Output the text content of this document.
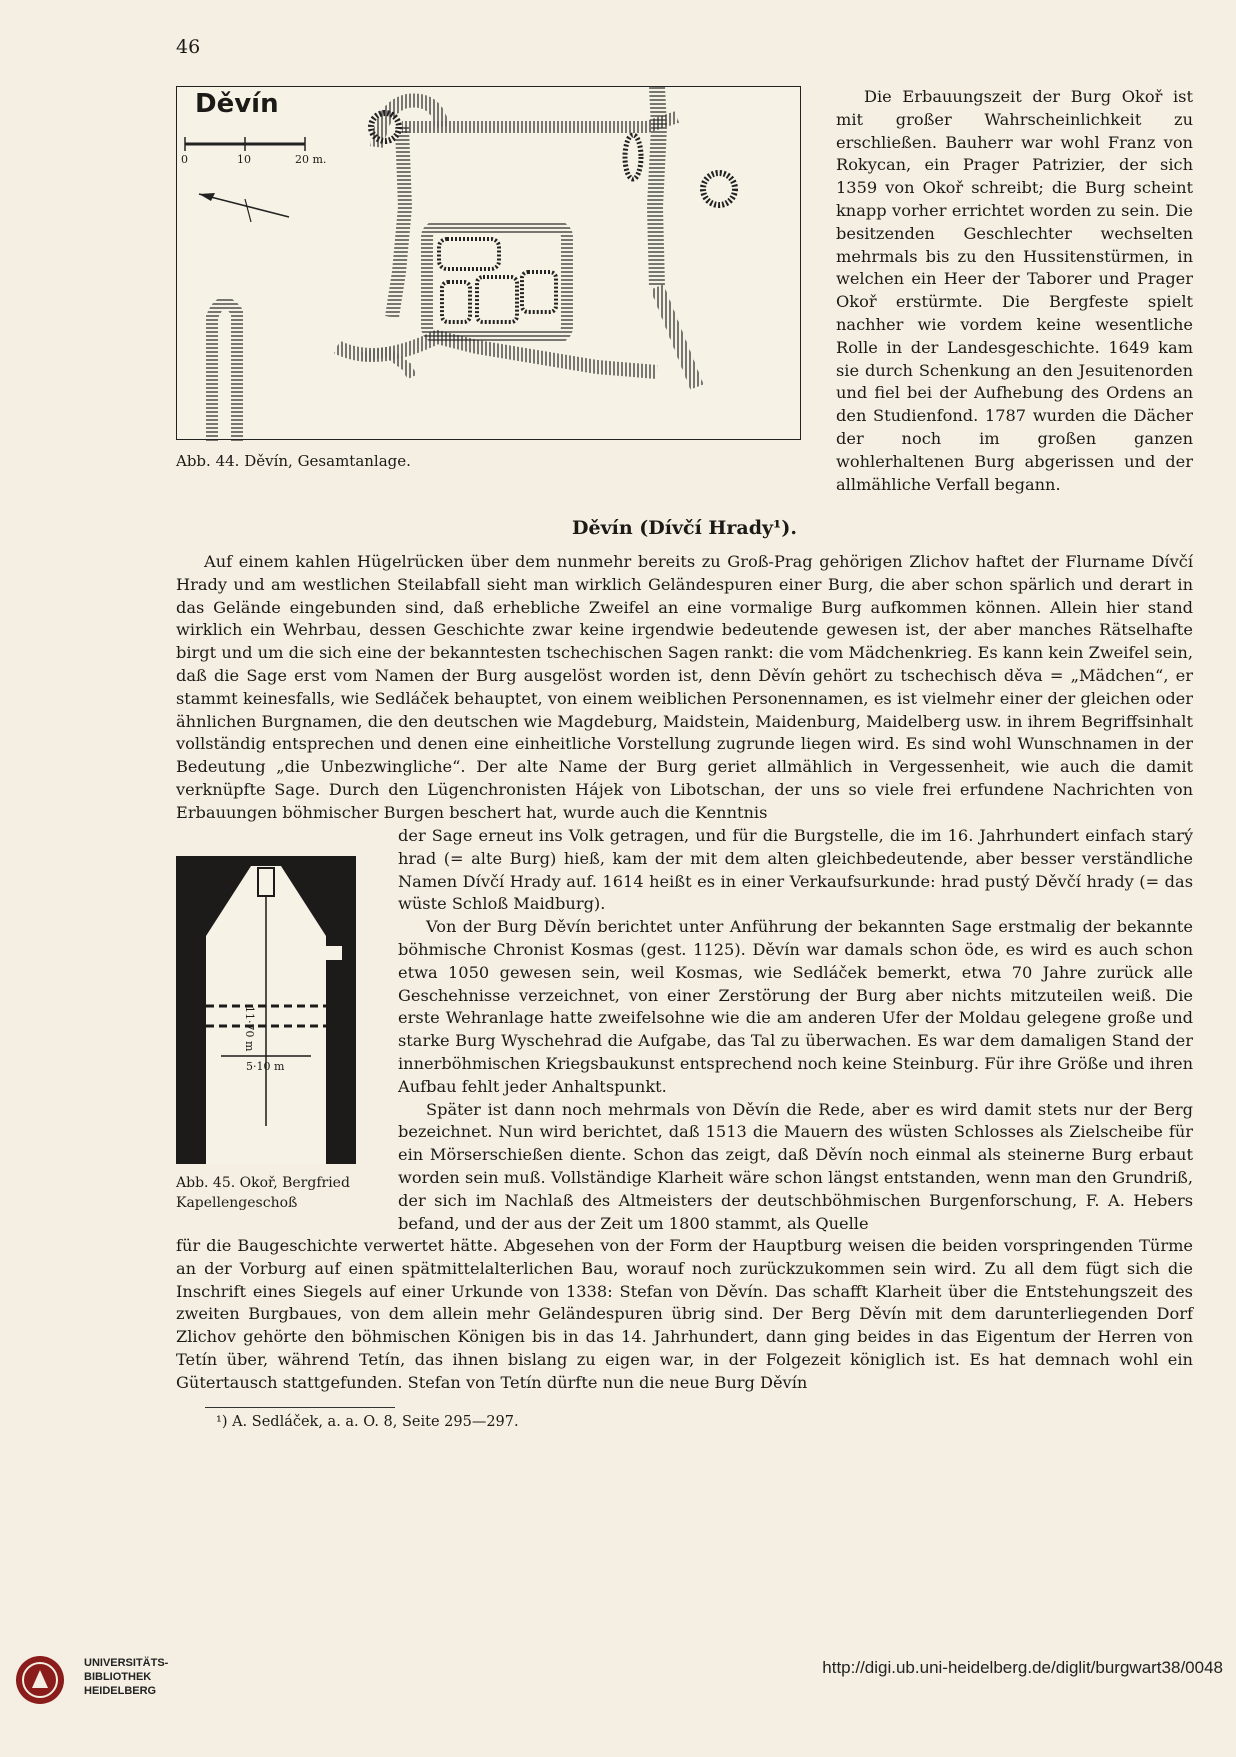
46
Děvín
0	10	20 m.
Abb. 44. Děvín, Gesamtanlage.

Die Erbauungszeit der Burg Okoř ist mit großer Wahrscheinlichkeit zu erschließen. Bauherr war wohl Franz von Rokycan, ein Prager Patrizier, der sich 1359 von Okoř schreibt; die Burg scheint knapp vorher errichtet worden zu sein. Die besitzenden Geschlechter wechselten mehrmals bis zu den Hussitenstürmen, in welchen ein Heer der Taborer und Prager Okoř erstürmte. Die Bergfeste spielt nachher wie vordem keine wesentliche Rolle in der Landesgeschichte. 1649 kam sie durch Schenkung an den Jesuitenorden und fiel bei der Aufhebung des Ordens an den Studienfond. 1787 wurden die Dächer der noch im großen ganzen wohlerhaltenen Burg abgerissen und der allmähliche Verfall begann.

Děvín (Dívčí Hrady¹).

Auf einem kahlen Hügelrücken über dem nunmehr bereits zu Groß-Prag gehörigen Zlichov haftet der Flurname Dívčí Hrady und am westlichen Steilabfall sieht man wirklich Geländespuren einer Burg, die aber schon spärlich und derart in das Gelände eingebunden sind, daß erhebliche Zweifel an eine vormalige Burg aufkommen können. Allein hier stand wirklich ein Wehrbau, dessen Geschichte zwar keine irgendwie bedeutende gewesen ist, der aber manches Rätselhafte birgt und um die sich eine der bekanntesten tschechischen Sagen rankt: die vom Mädchenkrieg. Es kann kein Zweifel sein, daß die Sage erst vom Namen der Burg ausgelöst worden ist, denn Děvín gehört zu tschechisch děva = „Mädchen“, er stammt keinesfalls, wie Sedláček behauptet, von einem weiblichen Personennamen, es ist vielmehr einer der gleichen oder ähnlichen Burgnamen, die den deutschen wie Magdeburg, Maidstein, Maidenburg, Maidelberg usw. in ihrem Begriffsinhalt vollständig entsprechen und denen eine einheitliche Vorstellung zugrunde liegen wird. Es sind wohl Wunschnamen in der Bedeutung „die Unbezwingliche“. Der alte Name der Burg geriet allmählich in Vergessenheit, wie auch die damit verknüpfte Sage. Durch den Lügenchronisten Hájek von Libotschan, der uns so viele frei erfundene Nachrichten von Erbauungen böhmischer Burgen beschert hat, wurde auch die Kenntnis

11·70 m
5·10 m
Abb. 45. Okoř, Bergfried
Kapellengeschoß

der Sage erneut ins Volk getragen, und für die Burgstelle, die im 16. Jahrhundert einfach starý hrad (= alte Burg) hieß, kam der mit dem alten gleichbedeutende, aber besser verständliche Namen Dívčí Hrady auf. 1614 heißt es in einer Verkaufsurkunde: hrad pustý Děvčí hrady (= das wüste Schloß Maidburg).

Von der Burg Děvín berichtet unter Anführung der bekannten Sage erstmalig der bekannte böhmische Chronist Kosmas (gest. 1125). Děvín war damals schon öde, es wird es auch schon etwa 1050 gewesen sein, weil Kosmas, wie Sedláček bemerkt, etwa 70 Jahre zurück alle Geschehnisse verzeichnet, von einer Zerstörung der Burg aber nichts mitzuteilen weiß. Die erste Wehranlage hatte zweifelsohne wie die am anderen Ufer der Moldau gelegene große und starke Burg Wyschehrad die Aufgabe, das Tal zu überwachen. Es war dem damaligen Stand der innerböhmischen Kriegsbaukunst entsprechend noch keine Steinburg. Für ihre Größe und ihren Aufbau fehlt jeder Anhaltspunkt.

Später ist dann noch mehrmals von Děvín die Rede, aber es wird damit stets nur der Berg bezeichnet. Nun wird berichtet, daß 1513 die Mauern des wüsten Schlosses als Zielscheibe für ein Mörserschießen diente. Schon das zeigt, daß Děvín noch einmal als steinerne Burg erbaut worden sein muß. Vollständige Klarheit wäre schon längst entstanden, wenn man den Grundriß, der sich im Nachlaß des Altmeisters der deutschböhmischen Burgenforschung, F. A. Hebers befand, und der aus der Zeit um 1800 stammt, als Quelle

für die Baugeschichte verwertet hätte. Abgesehen von der Form der Hauptburg weisen die beiden vorspringenden Türme an der Vorburg auf einen spätmittelalterlichen Bau, worauf noch zurückzukommen sein wird. Zu all dem fügt sich die Inschrift eines Siegels auf einer Urkunde von 1338: Stefan von Děvín. Das schafft Klarheit über die Entstehungszeit des zweiten Burgbaues, von dem allein mehr Geländespuren übrig sind. Der Berg Děvín mit dem darunterliegenden Dorf Zlichov gehörte den böhmischen Königen bis in das 14. Jahrhundert, dann ging beides in das Eigentum der Herren von Tetín über, während Tetín, das ihnen bislang zu eigen war, in der Folgezeit königlich ist. Es hat demnach wohl ein Gütertausch stattgefunden. Stefan von Tetín dürfte nun die neue Burg Děvín

¹) A. Sedláček, a. a. O. 8, Seite 295—297.
UNIVERSITÄTS-
BIBLIOTHEK
HEIDELBERG
http://digi.ub.uni-heidelberg.de/diglit/burgwart38/0048
